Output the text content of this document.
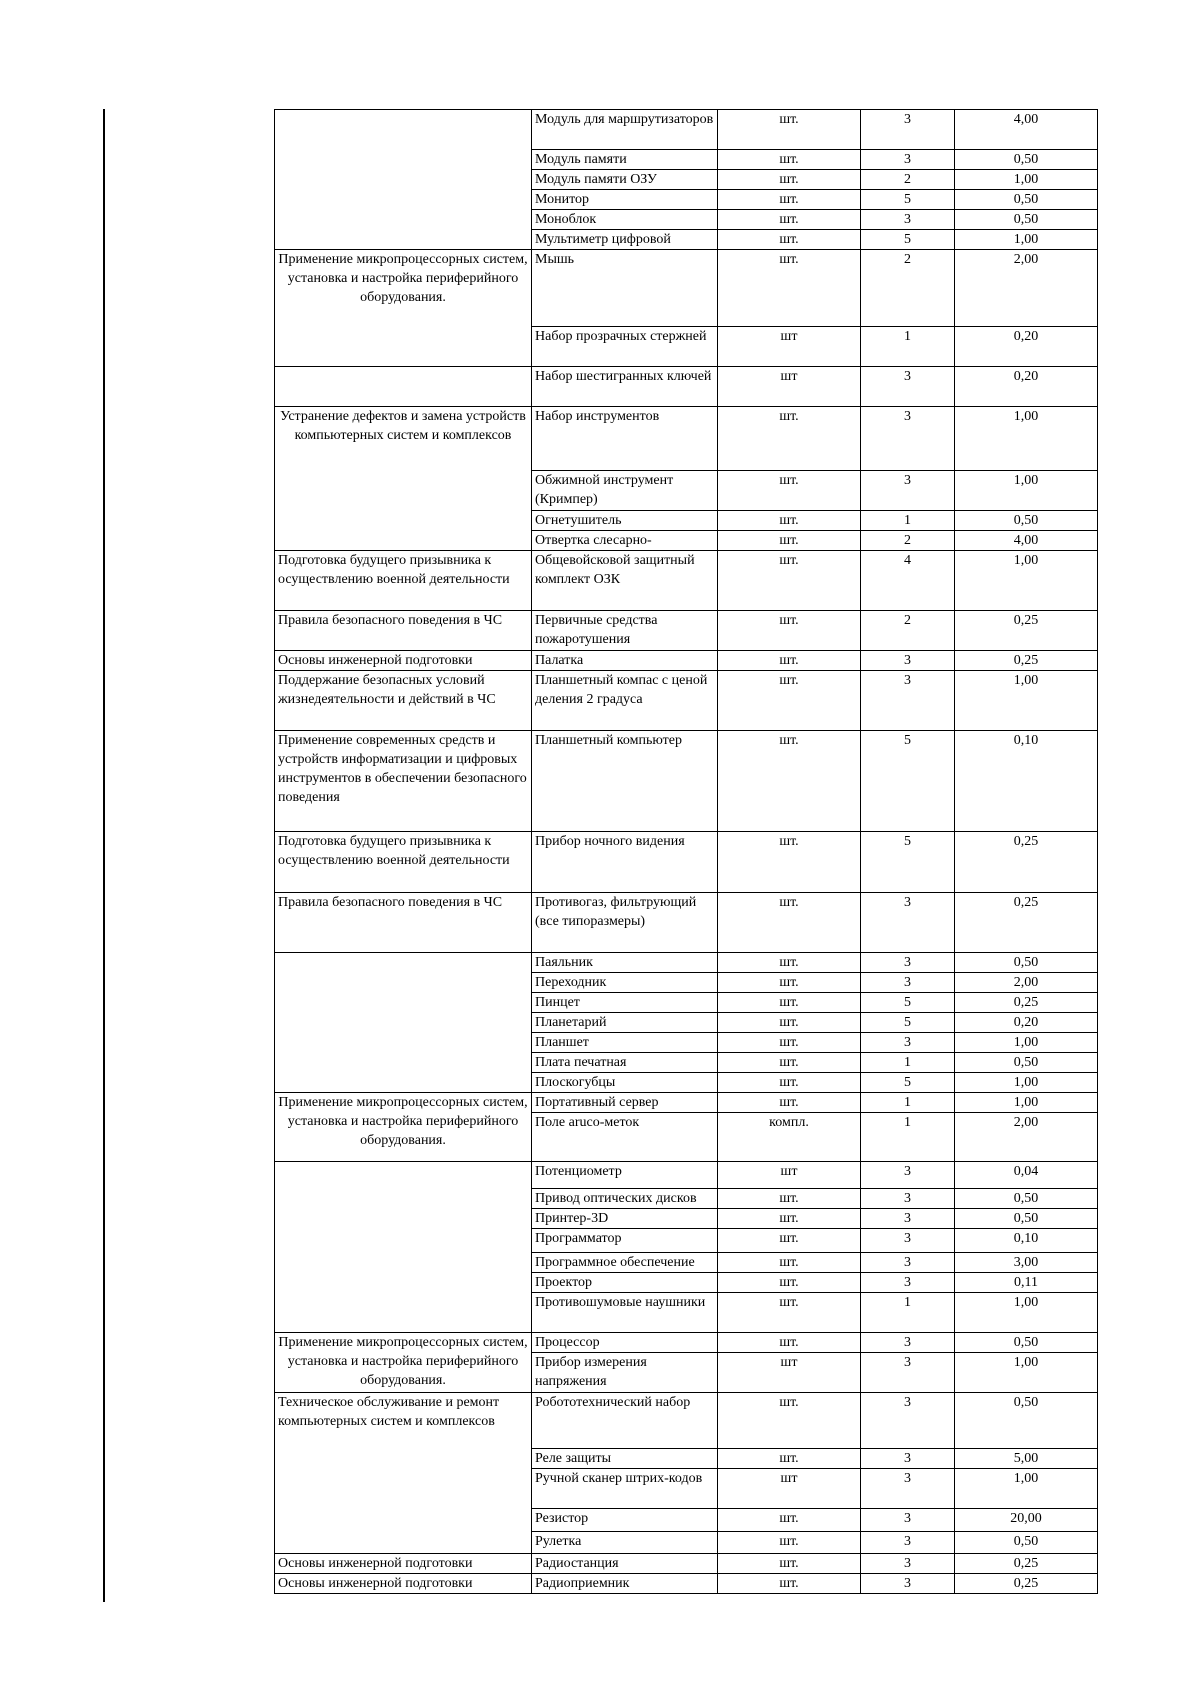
	Модуль для маршрутизаторов	шт.	3	4,00
	Модуль памяти	шт.	3	0,50
	Модуль памяти ОЗУ	шт.	2	1,00
	Монитор	шт.	5	0,50
	Моноблок	шт.	3	0,50
	Мультиметр цифровой	шт.	5	1,00
Применение микропроцессорных систем, установка и настройка периферийного оборудования.	Мышь	шт.	2	2,00
	Набор прозрачных стержней	шт	1	0,20
	Набор шестигранных ключей	шт	3	0,20
Устранение дефектов и замена устройств компьютерных систем и комплексов	Набор инструментов	шт.	3	1,00
	Обжимной инструмент (Кримпер)	шт.	3	1,00
	Огнетушитель	шт.	1	0,50
	Отвертка слесарно-	шт.	2	4,00
Подготовка будущего призывника к осуществлению военной деятельности	Общевойсковой защитный комплект ОЗК	шт.	4	1,00
Правила безопасного поведения в ЧС	Первичные средства пожаротушения	шт.	2	0,25
Основы инженерной подготовки	Палатка	шт.	3	0,25
Поддержание безопасных условий жизнедеятельности и действий в ЧС	Планшетный компас с ценой деления 2 градуса	шт.	3	1,00
Применение современных средств и устройств информатизации и цифровых инструментов в обеспечении безопасного поведения	Планшетный компьютер	шт.	5	0,10
Подготовка будущего призывника к осуществлению военной деятельности	Прибор ночного видения	шт.	5	0,25
Правила безопасного поведения в ЧС	Противогаз, фильтрующий (все типоразмеры)	шт.	3	0,25
	Паяльник	шт.	3	0,50
	Переходник	шт.	3	2,00
	Пинцет	шт.	5	0,25
	Планетарий	шт.	5	0,20
	Планшет	шт.	3	1,00
	Плата печатная	шт.	1	0,50
	Плоскогубцы	шт.	5	1,00
Применение микропроцессорных систем, установка и настройка периферийного оборудования.	Портативный сервер	шт.	1	1,00
	Поле aruco-меток	компл.	1	2,00
	Потенциометр	шт	3	0,04
	Привод оптических дисков	шт.	3	0,50
	Принтер-3D	шт.	3	0,50
	Программатор	шт.	3	0,10
	Программное обеспечение	шт.	3	3,00
	Проектор	шт.	3	0,11
	Противошумовые наушники	шт.	1	1,00
Применение микропроцессорных систем, установка и настройка периферийного оборудования.	Процессор	шт.	3	0,50
	Прибор измерения напряжения	шт	3	1,00
Техническое обслуживание и ремонт компьютерных систем и комплексов	Робототехнический набор	шт.	3	0,50
	Реле защиты	шт.	3	5,00
	Ручной сканер штрих-кодов	шт	3	1,00
	Резистор	шт.	3	20,00
	Рулетка	шт.	3	0,50
Основы инженерной подготовки	Радиостанция	шт.	3	0,25
Основы инженерной подготовки	Радиоприемник	шт.	3	0,25
